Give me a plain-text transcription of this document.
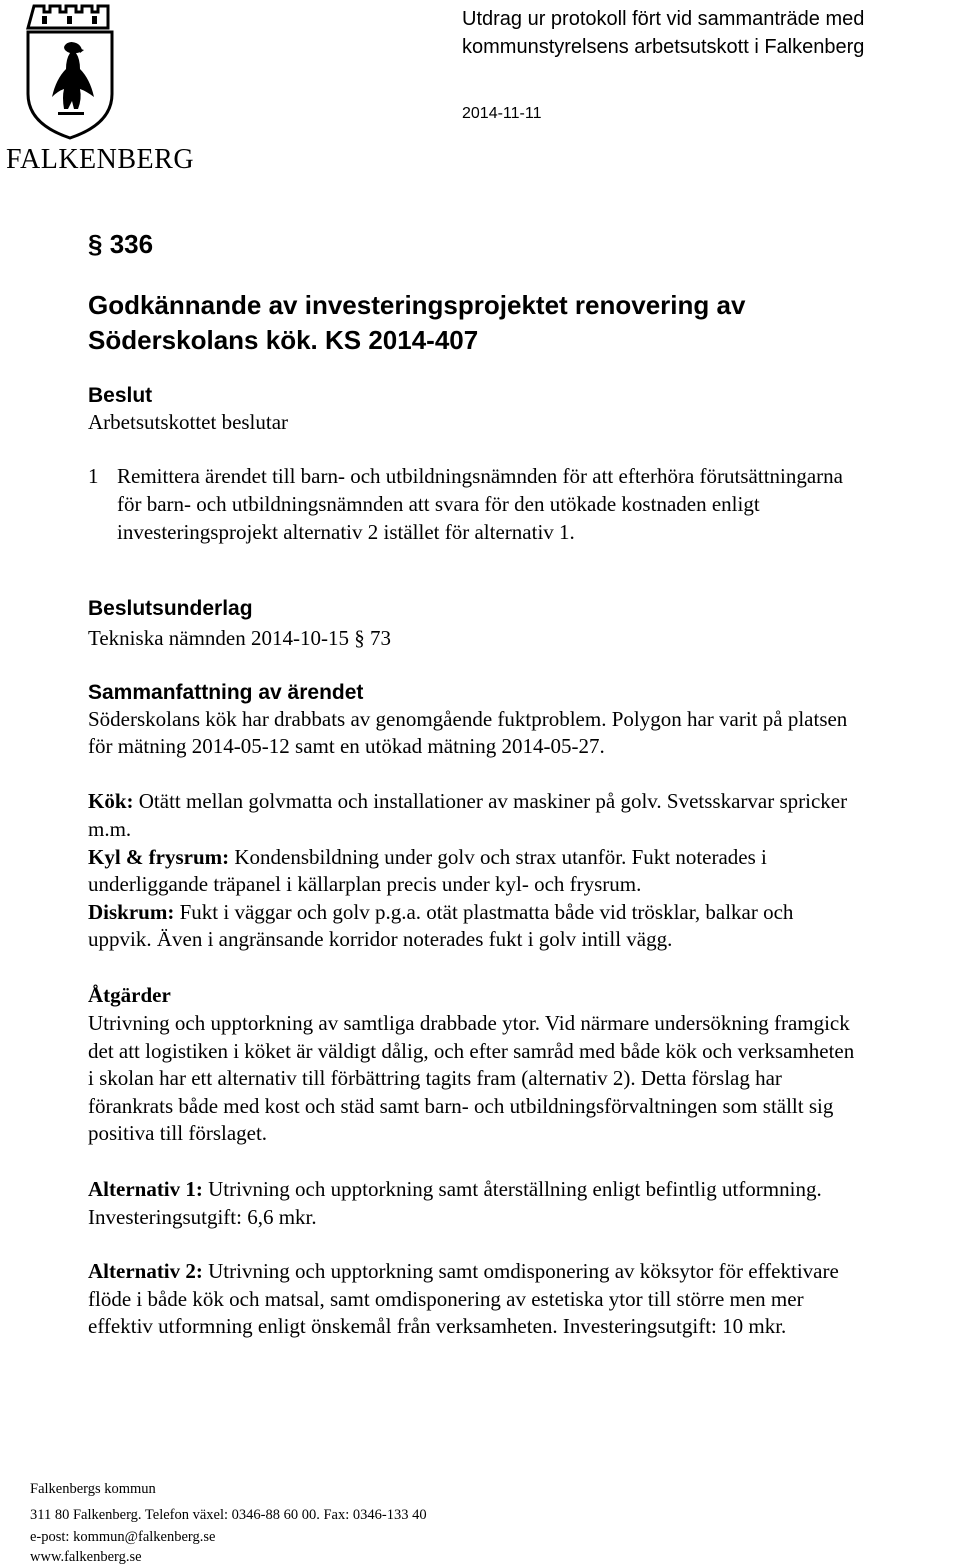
FALKENBERG
Utdrag ur protokoll fört vid sammanträde med
kommunstyrelsens arbetsutskott i Falkenberg
2014-11-11
§ 336
Godkännande av investeringsprojektet renovering av
Söderskolans kök. KS 2014-407
Beslut
Arbetsutskottet beslutar
1 Remittera ärendet till barn- och utbildningsnämnden för att efterhöra förutsättningarna
för barn- och utbildningsnämnden att svara för den utökade kostnaden enligt
investeringsprojekt alternativ 2 istället för alternativ 1.
Beslutsunderlag
Tekniska nämnden 2014-10-15 § 73
Sammanfattning av ärendet
Söderskolans kök har drabbats av genomgående fuktproblem. Polygon har varit på platsen
för mätning 2014-05-12 samt en utökad mätning 2014-05-27.
Kök: Otätt mellan golvmatta och installationer av maskiner på golv. Svetsskarvar spricker
m.m.
Kyl & frysrum: Kondensbildning under golv och strax utanför. Fukt noterades i
underliggande träpanel i källarplan precis under kyl- och frysrum.
Diskrum: Fukt i väggar och golv p.g.a. otät plastmatta både vid trösklar, balkar och
uppvik. Även i angränsande korridor noterades fukt i golv intill vägg.
Åtgärder
Utrivning och upptorkning av samtliga drabbade ytor. Vid närmare undersökning framgick
det att logistiken i köket är väldigt dålig, och efter samråd med både kök och verksamheten
i skolan har ett alternativ till förbättring tagits fram (alternativ 2). Detta förslag har
förankrats både med kost och städ samt barn- och utbildningsförvaltningen som ställt sig
positiva till förslaget.
Alternativ 1: Utrivning och upptorkning samt återställning enligt befintlig utformning.
Investeringsutgift: 6,6 mkr.
Alternativ 2: Utrivning och upptorkning samt omdisponering av köksytor för effektivare
flöde i både kök och matsal, samt omdisponering av estetiska ytor till större men mer
effektiv utformning enligt önskemål från verksamheten. Investeringsutgift: 10 mkr.
Falkenbergs kommun
311 80 Falkenberg. Telefon växel: 0346-88 60 00. Fax: 0346-133 40
e-post: kommun@falkenberg.se
www.falkenberg.se
